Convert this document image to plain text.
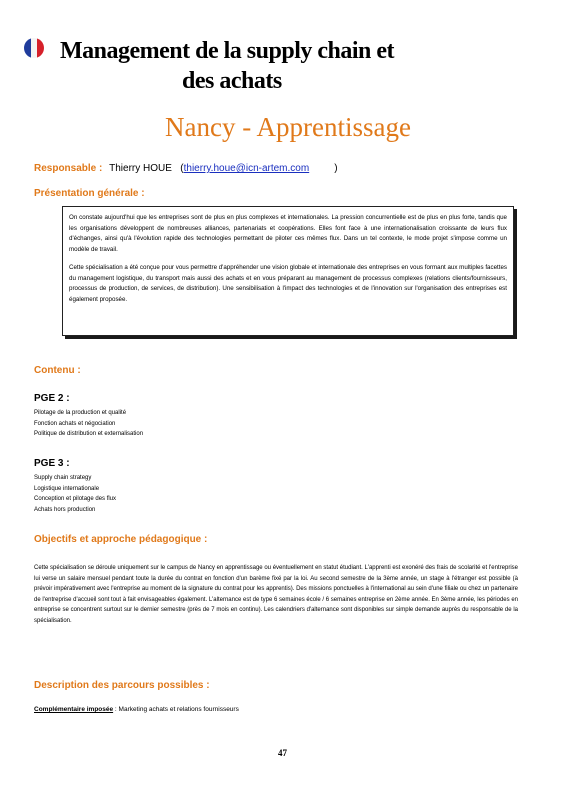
Management de la supply chain et
des achats
Nancy - Apprentissage
Responsable : Thierry HOUE (thierry.houe@icn-artem.com	)
Présentation générale :

On constate aujourd'hui que les entreprises sont de plus en plus complexes et internationales. La pression concurrentielle est de plus en plus forte, tandis que les organisations développent de nombreuses alliances, partenariats et coopérations. Elles font face à une internationalisation croissante de leurs flux d'échanges, ainsi qu'à l'évolution rapide des technologies permettant de piloter ces mêmes flux. Dans un tel contexte, le mode projet s'impose comme un modèle de travail.

Cette spécialisation a été conçue pour vous permettre d'appréhender une vision globale et internationale des entreprises en vous formant aux multiples facettes du management logistique, du transport mais aussi des achats et en vous préparant au management de processus complexes (relations clients/fournisseurs, processus de production, de services, de distribution). Une sensibilisation à l'impact des technologies et de l'innovation sur l'organisation des entreprises est également proposée.

Contenu :
PGE 2 :
Pilotage de la production et qualité
Fonction achats et négociation
Politique de distribution et externalisation
PGE 3 :
Supply chain strategy
Logistique internationale
Conception et pilotage des flux
Achats hors production
Objectifs et approche pédagogique :
Cette spécialisation se déroule uniquement sur le campus de Nancy en apprentissage ou éventuellement en statut étudiant. L'apprenti est exonéré des frais de scolarité et l'entreprise lui verse un salaire mensuel pendant toute la durée du contrat en fonction d'un barème fixé par la loi. Au second semestre de la 3ème année, un stage à l'étranger est possible (à prévoir impérativement avec l'entreprise au moment de la signature du contrat pour les apprentis). Des missions ponctuelles à l'international au sein d'une filiale ou chez un partenaire de l'entreprise d'accueil sont tout à fait envisageables également. L'alternance est de type 6 semaines école / 6 semaines entreprise en 2ème année. En 3ème année, les périodes en entreprise se concentrent surtout sur le dernier semestre (près de 7 mois en continu). Les calendriers d'alternance sont disponibles sur simple demande auprès du responsable de la spécialisation.
Description des parcours possibles :
Complémentaire imposée : Marketing achats et relations fournisseurs
47
